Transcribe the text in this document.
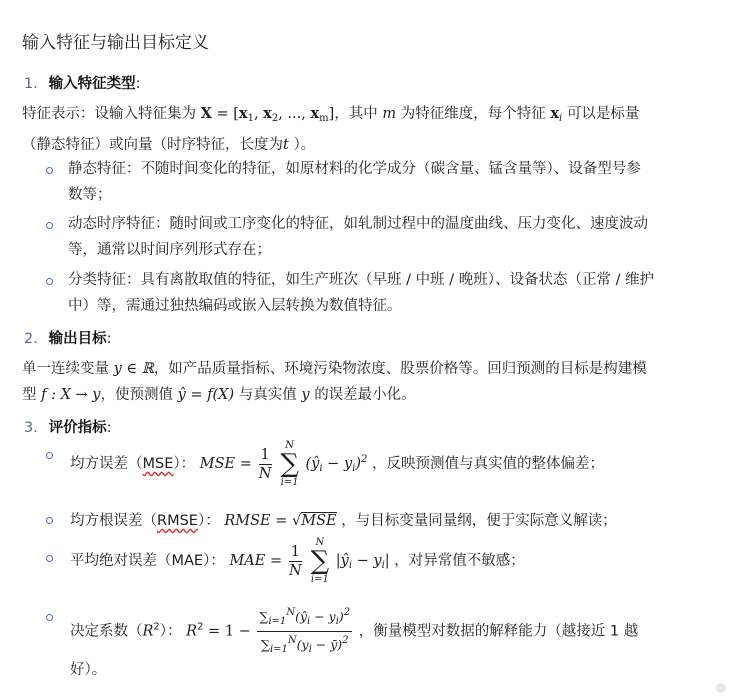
输入特征与输出目标定义
1. 输入特征类型:
特征表示：设输入特征集为 $X = [x_1$, $x_2$, ..., $x_m$]，其中 m 为特征维度，每个特征 $x_i$ 可以是标量
（静态特征）或向量（时序特征，长度为t ）。
静态特征：不随时间变化的特征，如原材料的化学成分（碳含量、锰含量等）、设备型号参
数等；
动态时序特征：随时间或工序变化的特征，如轧制过程中的温度曲线、压力变化、速度波动
等，通常以时间序列形式存在；
分类特征：具有离散取值的特征，如生产班次（早班 / 中班 / 晚班）、设备状态（正常 / 维护
中）等，需通过独热编码或嵌入层转换为数值特征。
2. 输出目标:
单一连续变量 y ∈ ℝ，如产品质量指标、环境污染物浓度、股票价格等。回归预测的目标是构建模
型 f : X → y，使预测值 ŷ = f(X) 与真实值 y 的误差最小化。
3. 评价指标:
均方误差（MSE）： MSE = $\frac{1}{N}$
	N
∑
i=1
$(ŷ_i - y_i)^2$ ，反映预测值与真实值的整体偏差；
均方根误差（RMSE）： RMSE = √MSE ，与目标变量同量纲，便于实际意义解读；
平均绝对误差（MAE）： MAE = $\frac{1}{N}$
	N
∑
i=1
$|ŷ_i - y_i|$ ，对异常值不敏感；
决定系数$(R^2)$： $R^2 = 1 - \frac{\sum_{i=1}^N(ŷ_i - y_i)^2}{\sum_{i=1}^N(y_i - ȳ)^2}$ ，衡量模型对数据的解释能力（越接近 1 越
好）。
